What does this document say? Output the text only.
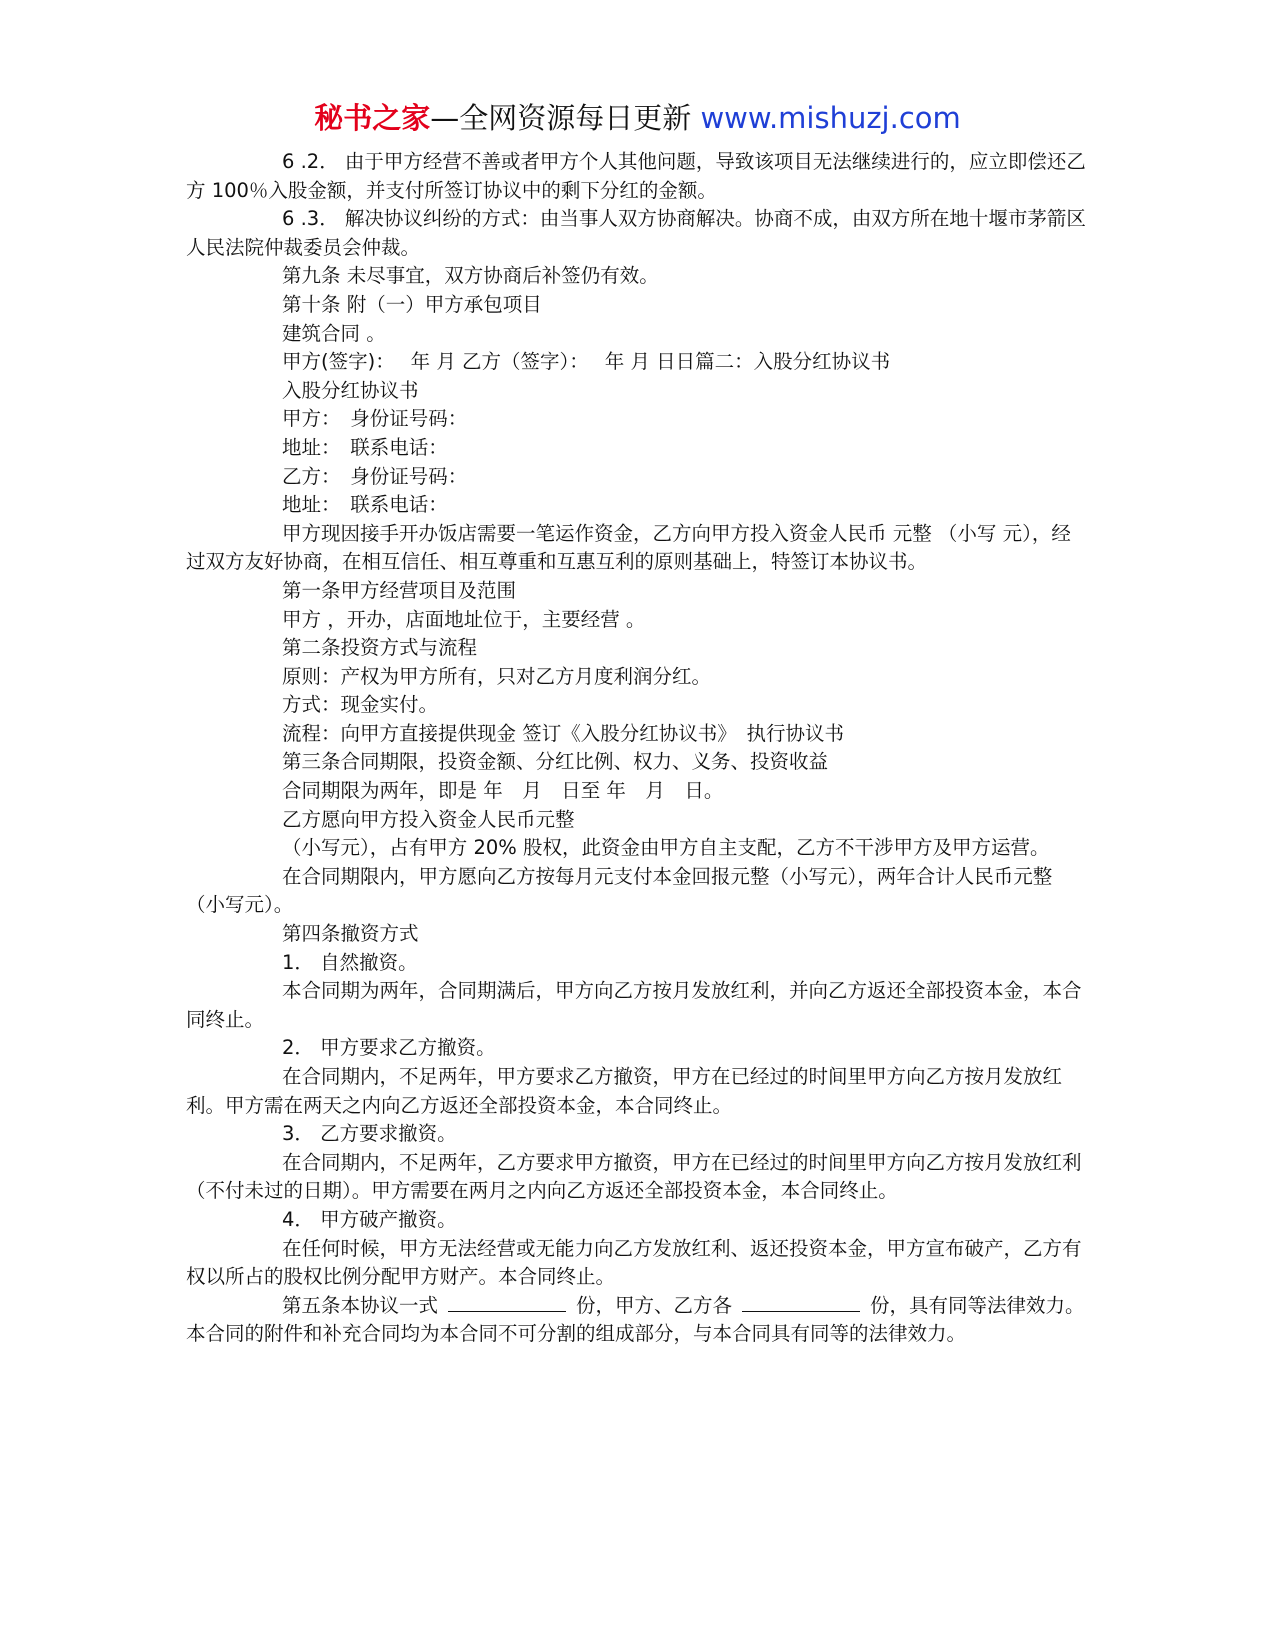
秘书之家—全网资源每日更新 www.mishuzj.com

6 .2． 由于甲方经营不善或者甲方个人其他问题，导致该项目无法继续进行的，应立即偿还乙方 100％入股金额，并支付所签订协议中的剩下分红的金额。

6 .3． 解决协议纠纷的方式：由当事人双方协商解决。协商不成，由双方所在地十堰市茅箭区人民法院仲裁委员会仲裁。

第九条 未尽事宜，双方协商后补签仍有效。

第十条 附（一）甲方承包项目

建筑合同 。

甲方(签字)：　 年 月 乙方（签字）：　 年 月 日日篇二：入股分红协议书

入股分红协议书

甲方：　身份证号码：

地址：　联系电话：

乙方：　身份证号码：

地址：　联系电话：

甲方现因接手开办饭店需要一笔运作资金，乙方向甲方投入资金人民币 元整 （小写 元），经过双方友好协商，在相互信任、相互尊重和互惠互利的原则基础上，特签订本协议书。

第一条甲方经营项目及范围

甲方 ，开办，店面地址位于，主要经营 。

第二条投资方式与流程

原则：产权为甲方所有，只对乙方月度利润分红。

方式：现金实付。

流程：向甲方直接提供现金 签订《入股分红协议书》　执行协议书

第三条合同期限，投资金额、分红比例、权力、义务、投资收益

合同期限为两年，即是 年　月　日至 年　月　日。

乙方愿向甲方投入资金人民币元整

（小写元），占有甲方 20% 股权，此资金由甲方自主支配，乙方不干涉甲方及甲方运营。

在合同期限内，甲方愿向乙方按每月元支付本金回报元整（小写元），两年合计人民币元整（小写元）。

第四条撤资方式

1． 自然撤资。

本合同期为两年，合同期满后，甲方向乙方按月发放红利，并向乙方返还全部投资本金，本合同终止。

2． 甲方要求乙方撤资。

在合同期内，不足两年，甲方要求乙方撤资，甲方在已经过的时间里甲方向乙方按月发放红利。甲方需在两天之内向乙方返还全部投资本金，本合同终止。

3． 乙方要求撤资。

在合同期内，不足两年，乙方要求甲方撤资，甲方在已经过的时间里甲方向乙方按月发放红利（不付未过的日期）。甲方需要在两月之内向乙方返还全部投资本金，本合同终止。

4． 甲方破产撤资。

在任何时候，甲方无法经营或无能力向乙方发放红利、返还投资本金，甲方宣布破产，乙方有权以所占的股权比例分配甲方财产。本合同终止。

第五条本协议一式	份，甲方、乙方各	份，具有同等法律效力。本合同的附件和补充合同均为本合同不可分割的组成部分，与本合同具有同等的法律效力。
